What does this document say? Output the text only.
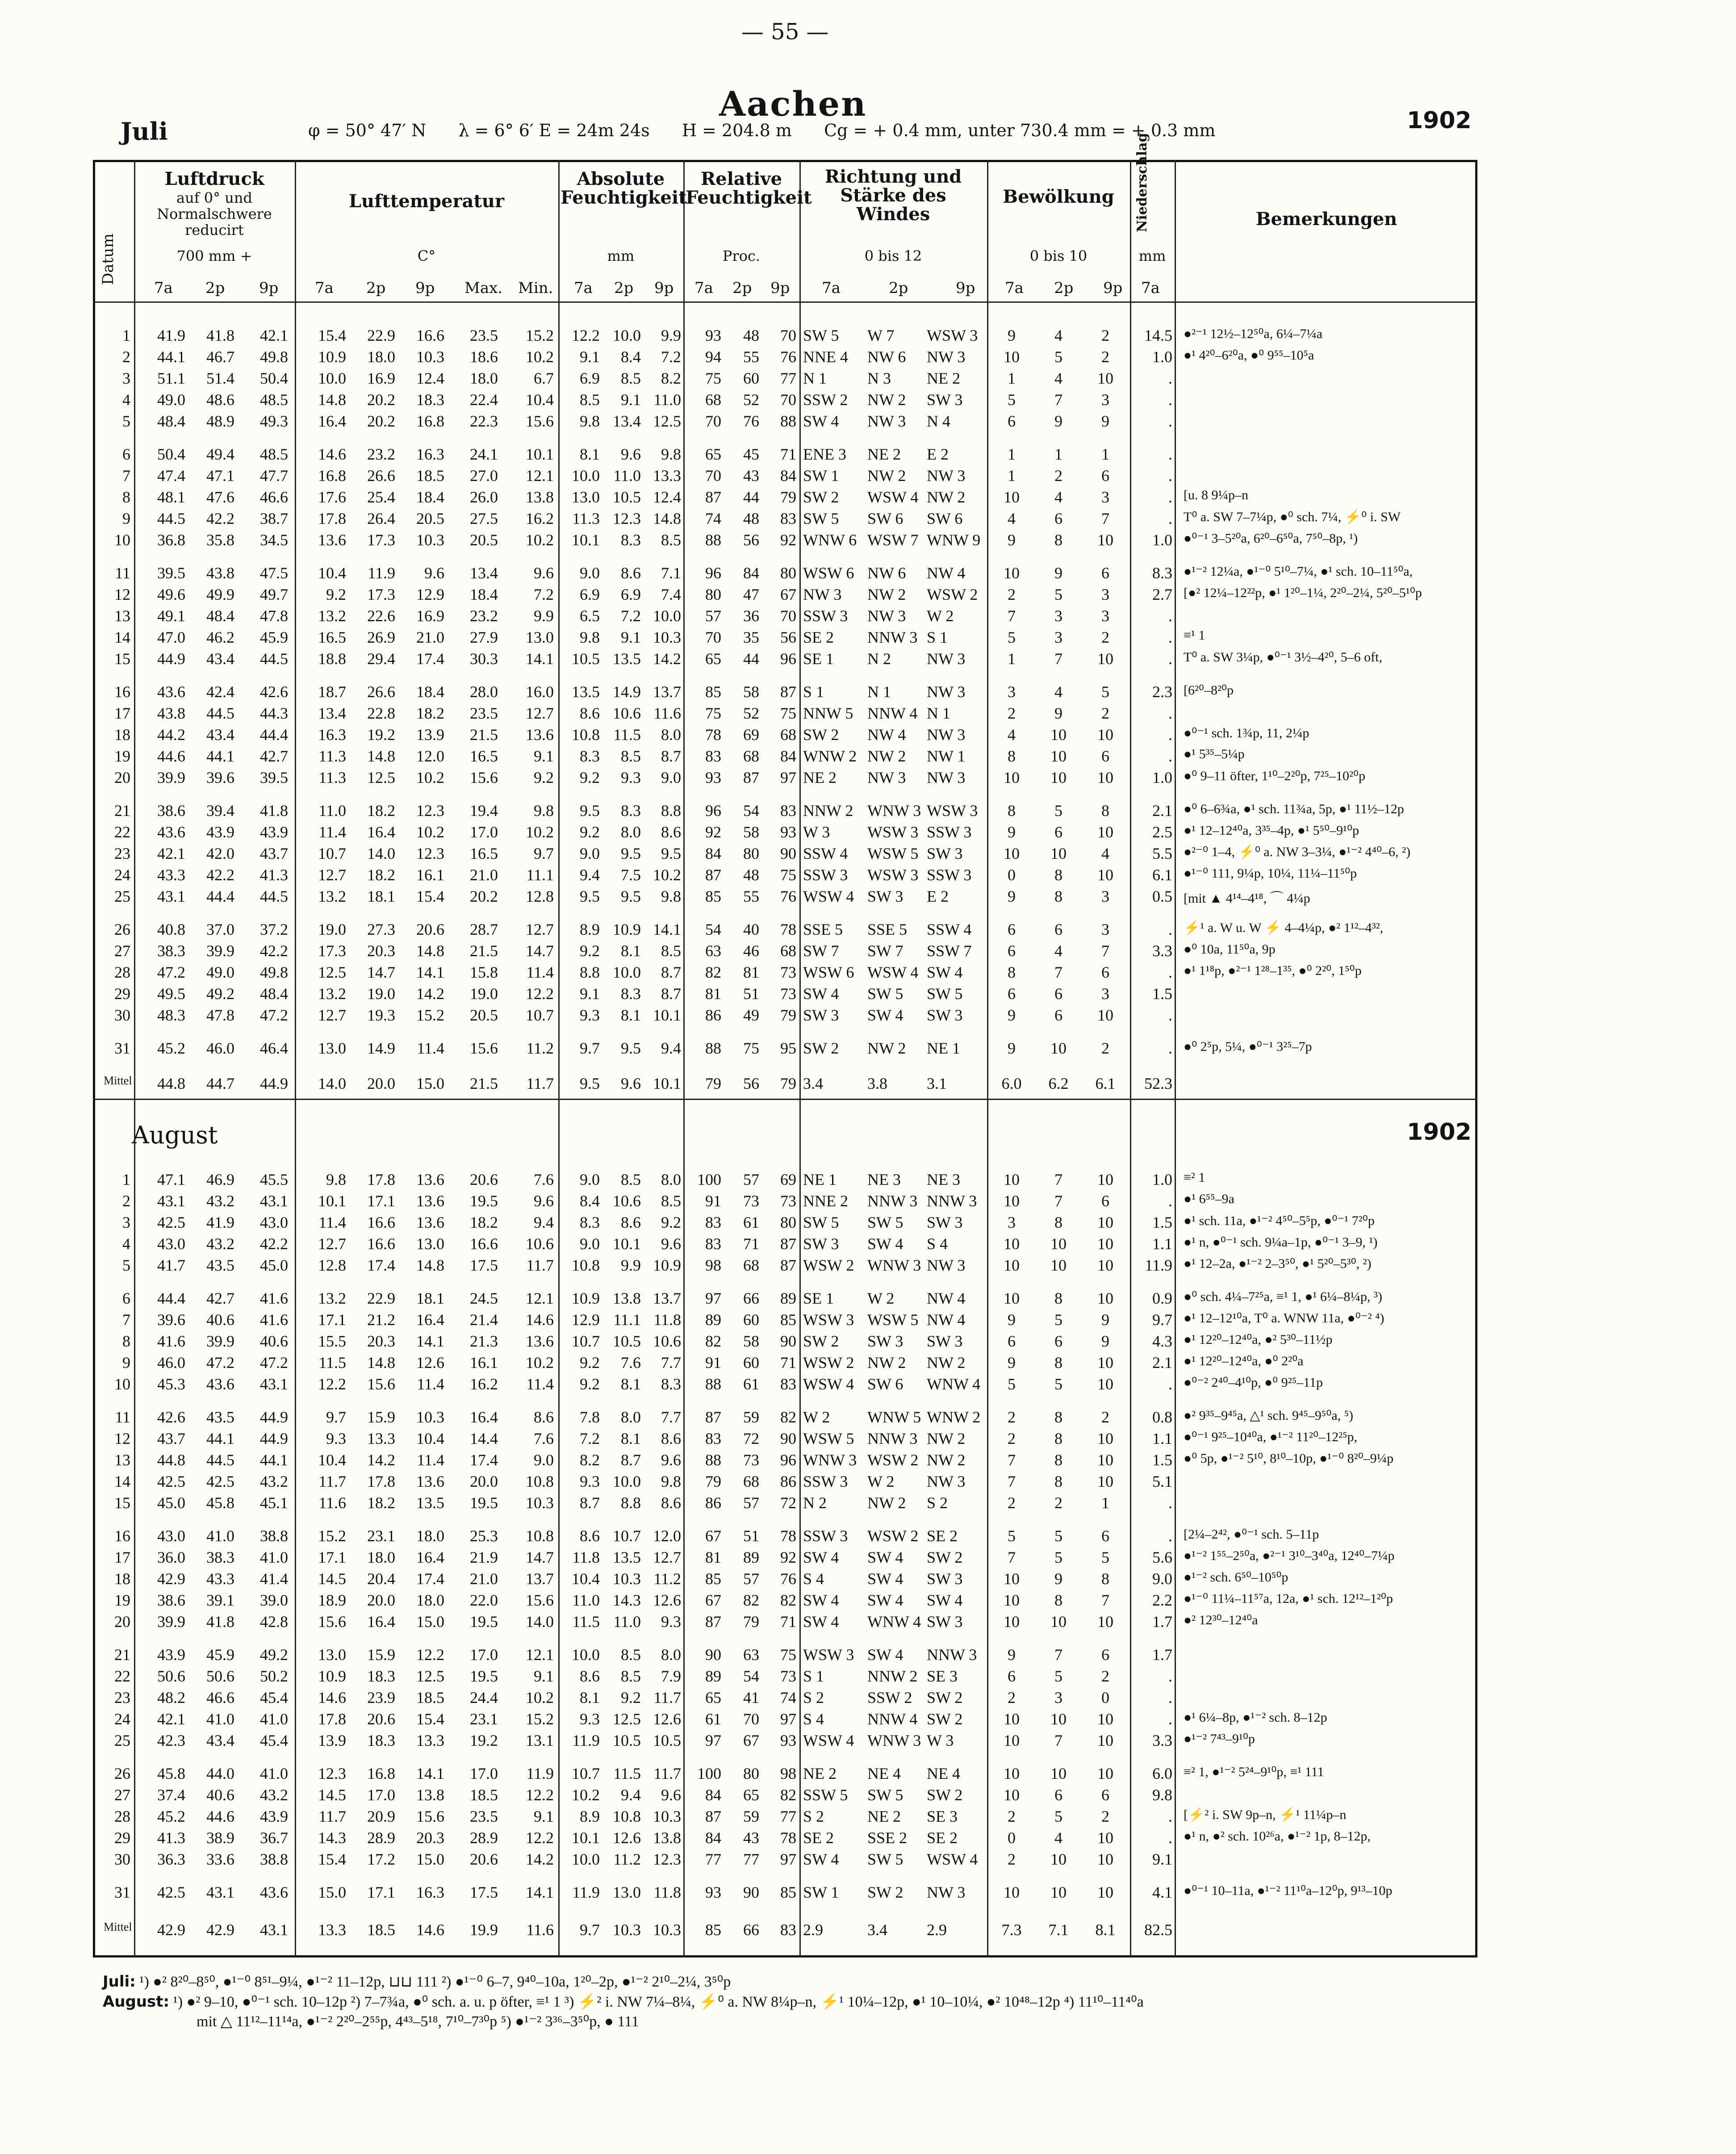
— 55 —
Aachen
Juli	φ = 50° 47′ N λ = 6° 6′ E = 24m 24s H = 204.8 m Cg = + 0.4 mm, unter 730.4 mm = + 0.3 mm	1902
Datum
Luftdruck
auf 0° und Normalschwere reducirt
700 mm +
Lufttemperatur
C°
Absolute Feuchtigkeit
mm
Relative Feuchtigkeit
Proc.
Richtung und Stärke des Windes
0 bis 12
Bewölkung
0 bis 10
Niederschlag
mm
Bemerkungen
7a 2p 9p 7a 2p 9p Max. Min. 7a 2p 9p 7a 2p 9p 7a	2p	9p 7a 2p 9p 7a
August	1902
1	41.9	41.8	42.1	15.4	22.9	16.6	23.5	15.2	12.2 10.0	9.9	93	48	70 SW 5	W 7	WSW 3	9	4	2	14.5 ●²⁻¹ 12½–12⁵⁰a, 6¼–7¼a
2	44.1	46.7	49.8	10.9	18.0	10.3	18.6	10.2	9.1	8.4	7.2	94	55	76 NNE 4	NW 6	NW 3	10	5	2	1.0 ●¹ 4²⁰–6²⁰a, ●⁰ 9⁵⁵–10⁵a
3	51.1	51.4	50.4	10.0	16.9	12.4	18.0	6.7	6.9	8.5	8.2	75	60	77 N 1	N 3	NE 2	1	4	10	.
4	49.0	48.6	48.5	14.8	20.2	18.3	22.4	10.4	8.5	9.1 11.0	68	52	70 SSW 2	NW 2	SW 3	5	7	3	.
5	48.4	48.9	49.3	16.4	20.2	16.8	22.3	15.6	9.8 13.4 12.5	70	76	88 SW 4	NW 3	N 4	6	9	9	.
6	50.4	49.4	48.5	14.6	23.2	16.3	24.1	10.1	8.1	9.6	9.8	65	45	71 ENE 3	NE 2	E 2	1	1	1	.
7	47.4	47.1	47.7	16.8	26.6	18.5	27.0	12.1	10.0 11.0 13.3	70	43	84 SW 1	NW 2	NW 3	1	2	6	.
8	48.1	47.6	46.6	17.6	25.4	18.4	26.0	13.8	13.0 10.5 12.4	87	44	79 SW 2	WSW 4 NW 2	10	4	3	. [u. 8 9¼p–n
9	44.5	42.2	38.7	17.8	26.4	20.5	27.5	16.2	11.3 12.3 14.8	74	48	83 SW 5	SW 6	SW 6	4	6	7	. T⁰ a. SW 7–7¼p, ●⁰ sch. 7¼, ⚡⁰ i. SW
10	36.8	35.8	34.5	13.6	17.3	10.3	20.5	10.2	10.1	8.3	8.5	88	56	92 WNW 6 WSW 7 WNW 9	9	8	10	1.0 ●⁰⁻¹ 3–5²⁰a, 6²⁰–6⁵⁰a, 7⁵⁰–8p, ¹)
11	39.5	43.8	47.5	10.4	11.9	9.6	13.4	9.6	9.0	8.6	7.1	96	84	80 WSW 6 NW 6	NW 4	10	9	6	8.3 ●¹⁻² 12¼a, ●¹⁻⁰ 5¹⁰–7¼, ●¹ sch. 10–11⁵⁰a,
12	49.6	49.9	49.7	9.2	17.3	12.9	18.4	7.2	6.9	6.9	7.4	80	47	67 NW 3	NW 2	WSW 2	2	5	3	2.7 [●² 12¼–12²²p, ●¹ 1²⁰–1¼, 2²⁰–2¼, 5²⁰–5¹⁰p
13	49.1	48.4	47.8	13.2	22.6	16.9	23.2	9.9	6.5	7.2 10.0	57	36	70 SSW 3	NW 3	W 2	7	3	3	.
14	47.0	46.2	45.9	16.5	26.9	21.0	27.9	13.0	9.8	9.1 10.3	70	35	56 SE 2	NNW 3 S 1	5	3	2	. ≡¹ 1
15	44.9	43.4	44.5	18.8	29.4	17.4	30.3	14.1	10.5 13.5 14.2	65	44	96 SE 1	N 2	NW 3	1	7	10	. T⁰ a. SW 3¼p, ●⁰⁻¹ 3½–4²⁰, 5–6 oft,
16	43.6	42.4	42.6	18.7	26.6	18.4	28.0	16.0	13.5 14.9 13.7	85	58	87 S 1	N 1	NW 3	3	4	5	2.3 [6²⁰–8²⁰p
17	43.8	44.5	44.3	13.4	22.8	18.2	23.5	12.7	8.6 10.6 11.6	75	52	75 NNW 5 NNW 4 N 1	2	9	2	.
18	44.2	43.4	44.4	16.3	19.2	13.9	21.5	13.6	10.8 11.5	8.0	78	69	68 SW 2	NW 4	NW 3	4	10	10	. ●⁰⁻¹ sch. 1¾p, 11, 2¼p
19	44.6	44.1	42.7	11.3	14.8	12.0	16.5	9.1	8.3	8.5	8.7	83	68	84 WNW 2 NW 2	NW 1	8	10	6	. ●¹ 5³⁵–5¼p
20	39.9	39.6	39.5	11.3	12.5	10.2	15.6	9.2	9.2	9.3	9.0	93	87	97 NE 2	NW 3	NW 3	10	10	10	1.0 ●⁰ 9–11 öfter, 1¹⁰–2²⁰p, 7²⁵–10²⁰p
21	38.6	39.4	41.8	11.0	18.2	12.3	19.4	9.8	9.5	8.3	8.8	96	54	83 NNW 2 WNW 3 WSW 3	8	5	8	2.1 ●⁰ 6–6¾a, ●¹ sch. 11¾a, 5p, ●¹ 11½–12p
22	43.6	43.9	43.9	11.4	16.4	10.2	17.0	10.2	9.2	8.0	8.6	92	58	93 W 3	WSW 3 SSW 3	9	6	10	2.5 ●¹ 12–12⁴⁰a, 3³⁵–4p, ●¹ 5⁵⁰–9¹⁰p
23	42.1	42.0	43.7	10.7	14.0	12.3	16.5	9.7	9.0	9.5	9.5	84	80	90 SSW 4	WSW 5 SW 3	10	10	4	5.5 ●²⁻⁰ 1–4, ⚡⁰ a. NW 3–3¼, ●¹⁻² 4⁴⁰–6, ²)
24	43.3	42.2	41.3	12.7	18.2	16.1	21.0	11.1	9.4	7.5 10.2	87	48	75 SSW 3	WSW 3 SSW 3	0	8	10	6.1 ●¹⁻⁰ 111, 9¼p, 10¼, 11¼–11⁵⁰p
25	43.1	44.4	44.5	13.2	18.1	15.4	20.2	12.8	9.5	9.5	9.8	85	55	76 WSW 4 SW 3	E 2	9	8	3	0.5 [mit ▲ 4¹⁴–4¹⁸, ⌒ 4¼p
26	40.8	37.0	37.2	19.0	27.3	20.6	28.7	12.7	8.9 10.9 14.1	54	40	78 SSE 5	SSE 5	SSW 4	6	6	3	. ⚡¹ a. W u. W ⚡ 4–4¼p, ●² 1¹²–4³²,
27	38.3	39.9	42.2	17.3	20.3	14.8	21.5	14.7	9.2	8.1	8.5	63	46	68 SW 7	SW 7	SSW 7	6	4	7	3.3 ●⁰ 10a, 11⁵⁰a, 9p
28	47.2	49.0	49.8	12.5	14.7	14.1	15.8	11.4	8.8 10.0	8.7	82	81	73 WSW 6 WSW 4 SW 4	8	7	6	. ●¹ 1¹⁸p, ●²⁻¹ 1²⁸–1³⁵, ●⁰ 2²⁰, 1⁵⁰p
29	49.5	49.2	48.4	13.2	19.0	14.2	19.0	12.2	9.1	8.3	8.7	81	51	73 SW 4	SW 5	SW 5	6	6	3	1.5
30	48.3	47.8	47.2	12.7	19.3	15.2	20.5	10.7	9.3	8.1 10.1	86	49	79 SW 3	SW 4	SW 3	9	6	10	.
31	45.2	46.0	46.4	13.0	14.9	11.4	15.6	11.2	9.7	9.5	9.4	88	75	95 SW 2	NW 2	NE 1	9	10	2	. ●⁰ 2⁵p, 5¼, ●⁰⁻¹ 3²⁵–7p
Mittel	44.8	44.7	44.9	14.0	20.0	15.0	21.5	11.7	9.5	9.6 10.1	79	56	79 3.4	3.8	3.1	6.0	6.2	6.1	52.3
1	47.1	46.9	45.5	9.8	17.8	13.6	20.6	7.6	9.0	8.5	8.0	100	57	69 NE 1	NE 3	NE 3	10	7	10	1.0 ≡² 1
2	43.1	43.2	43.1	10.1	17.1	13.6	19.5	9.6	8.4 10.6	8.5	91	73	73 NNE 2	NNW 3 NNW 3	10	7	6	. ●¹ 6⁵⁵–9a
3	42.5	41.9	43.0	11.4	16.6	13.6	18.2	9.4	8.3	8.6	9.2	83	61	80 SW 5	SW 5	SW 3	3	8	10	1.5 ●¹ sch. 11a, ●¹⁻² 4⁵⁰–5⁵p, ●⁰⁻¹ 7²⁰p
4	43.0	43.2	42.2	12.7	16.6	13.0	16.6	10.6	9.0 10.1	9.6	83	71	87 SW 3	SW 4	S 4	10	10	10	1.1 ●¹ n, ●⁰⁻¹ sch. 9¼a–1p, ●⁰⁻¹ 3–9, ¹)
5	41.7	43.5	45.0	12.8	17.4	14.8	17.5	11.7	10.8	9.9 10.9	98	68	87 WSW 2 WNW 3 NW 3	10	10	10	11.9 ●¹ 12–2a, ●¹⁻² 2–3⁵⁰, ●¹ 5²⁰–5³⁰, ²)
6	44.4	42.7	41.6	13.2	22.9	18.1	24.5	12.1	10.9 13.8 13.7	97	66	89 SE 1	W 2	NW 4	10	8	10	0.9 ●⁰ sch. 4¼–7²⁵a, ≡¹ 1, ●¹ 6¼–8¼p, ³)
7	39.6	40.6	41.6	17.1	21.2	16.4	21.4	14.6	12.9 11.1 11.8	89	60	85 WSW 3 WSW 5 NW 4	9	5	9	9.7 ●¹ 12–12¹⁰a, T⁰ a. WNW 11a, ●⁰⁻² ⁴)
8	41.6	39.9	40.6	15.5	20.3	14.1	21.3	13.6	10.7 10.5 10.6	82	58	90 SW 2	SW 3	SW 3	6	6	9	4.3 ●¹ 12²⁰–12⁴⁰a, ●² 5³⁰–11½p
9	46.0	47.2	47.2	11.5	14.8	12.6	16.1	10.2	9.2	7.6	7.7	91	60	71 WSW 2 NW 2	NW 2	9	8	10	2.1 ●¹ 12²⁰–12⁴⁰a, ●⁰ 2²⁰a
10	45.3	43.6	43.1	12.2	15.6	11.4	16.2	11.4	9.2	8.1	8.3	88	61	83 WSW 4 SW 6	WNW 4	5	5	10	. ●⁰⁻² 2⁴⁰–4¹⁰p, ●⁰ 9²⁵–11p
11	42.6	43.5	44.9	9.7	15.9	10.3	16.4	8.6	7.8	8.0	7.7	87	59	82 W 2	WNW 5 WNW 2	2	8	2	0.8 ●² 9³⁵–9⁴⁵a, △¹ sch. 9⁴⁵–9⁵⁰a, ⁵)
12	43.7	44.1	44.9	9.3	13.3	10.4	14.4	7.6	7.2	8.1	8.6	83	72	90 WSW 5 NNW 3 NW 2	2	8	10	1.1 ●⁰⁻¹ 9²⁵–10⁴⁰a, ●¹⁻² 11²⁰–12²⁵p,
13	44.8	44.5	44.1	10.4	14.2	11.4	17.4	9.0	8.2	8.7	9.6	88	73	96 WNW 3 WSW 2 NW 2	7	8	10	1.5 ●⁰ 5p, ●¹⁻² 5¹⁰, 8¹⁰–10p, ●¹⁻⁰ 8²⁰–9¼p
14	42.5	42.5	43.2	11.7	17.8	13.6	20.0	10.8	9.3 10.0	9.8	79	68	86 SSW 3	W 2	NW 3	7	8	10	5.1
15	45.0	45.8	45.1	11.6	18.2	13.5	19.5	10.3	8.7	8.8	8.6	86	57	72 N 2	NW 2	S 2	2	2	1	.
16	43.0	41.0	38.8	15.2	23.1	18.0	25.3	10.8	8.6 10.7 12.0	67	51	78 SSW 3	WSW 2 SE 2	5	5	6	. [2¼–2⁴², ●⁰⁻¹ sch. 5–11p
17	36.0	38.3	41.0	17.1	18.0	16.4	21.9	14.7	11.8 13.5 12.7	81	89	92 SW 4	SW 4	SW 2	7	5	5	5.6 ●¹⁻² 1⁵⁵–2⁵⁰a, ●²⁻¹ 3¹⁰–3⁴⁰a, 12⁴⁰–7¼p
18	42.9	43.3	41.4	14.5	20.4	17.4	21.0	13.7	10.4 10.3 11.2	85	57	76 S 4	SW 4	SW 3	10	9	8	9.0 ●¹⁻² sch. 6⁵⁰–10⁵⁰p
19	38.6	39.1	39.0	18.9	20.0	18.0	22.0	15.6	11.0 14.3 12.6	67	82	82 SW 4	SW 4	SW 4	10	8	7	2.2 ●¹⁻⁰ 11¼–11⁵⁷a, 12a, ●¹ sch. 12¹²–1²⁰p
20	39.9	41.8	42.8	15.6	16.4	15.0	19.5	14.0	11.5 11.0	9.3	87	79	71 SW 4	WNW 4 SW 3	10	10	10	1.7 ●² 12³⁰–12⁴⁰a
21	43.9	45.9	49.2	13.0	15.9	12.2	17.0	12.1	10.0	8.5	8.0	90	63	75 WSW 3 SW 4	NNW 3	9	7	6	1.7
22	50.6	50.6	50.2	10.9	18.3	12.5	19.5	9.1	8.6	8.5	7.9	89	54	73 S 1	NNW 2 SE 3	6	5	2	.
23	48.2	46.6	45.4	14.6	23.9	18.5	24.4	10.2	8.1	9.2 11.7	65	41	74 S 2	SSW 2 SW 2	2	3	0	.
24	42.1	41.0	41.0	17.8	20.6	15.4	23.1	15.2	9.3 12.5 12.6	61	70	97 S 4	NNW 4 SW 2	10	10	10	. ●¹ 6¼–8p, ●¹⁻² sch. 8–12p
25	42.3	43.4	45.4	13.9	18.3	13.3	19.2	13.1	11.9 10.5 10.5	97	67	93 WSW 4 WNW 3 W 3	10	7	10	3.3 ●¹⁻² 7⁴³–9¹⁰p
26	45.8	44.0	41.0	12.3	16.8	14.1	17.0	11.9	10.7 11.5 11.7	100	80	98 NE 2	NE 4	NE 4	10	10	10	6.0 ≡² 1, ●¹⁻² 5²⁴–9¹⁰p, ≡¹ 111
27	37.4	40.6	43.2	14.5	17.0	13.8	18.5	12.2	10.2	9.4	9.6	84	65	82 SSW 5	SW 5	SW 2	10	6	6	9.8
28	45.2	44.6	43.9	11.7	20.9	15.6	23.5	9.1	8.9 10.8 10.3	87	59	77 S 2	NE 2	SE 3	2	5	2	. [⚡² i. SW 9p–n, ⚡¹ 11¼p–n
29	41.3	38.9	36.7	14.3	28.9	20.3	28.9	12.2	10.1 12.6 13.8	84	43	78 SE 2	SSE 2	SE 2	0	4	10	. ●¹ n, ●² sch. 10²⁶a, ●¹⁻² 1p, 8–12p,
30	36.3	33.6	38.8	15.4	17.2	15.0	20.6	14.2	10.0 11.2 12.3	77	77	97 SW 4	SW 5	WSW 4	2	10	10	9.1
31	42.5	43.1	43.6	15.0	17.1	16.3	17.5	14.1	11.9 13.0 11.8	93	90	85 SW 1	SW 2	NW 3	10	10	10	4.1 ●⁰⁻¹ 10–11a, ●¹⁻² 11¹⁰a–12⁰p, 9¹³–10p
Mittel	42.9	42.9	43.1	13.3	18.5	14.6	19.9	11.6	9.7 10.3 10.3	85	66	83 2.9	3.4	2.9	7.3	7.1	8.1	82.5
Juli: ¹) ●² 8²⁰–8⁵⁰, ●¹⁻⁰ 8⁵¹–9¼, ●¹⁻² 11–12p, ⊔⊔ 111 ²) ●¹⁻⁰ 6–7, 9⁴⁰–10a, 1²⁰–2p, ●¹⁻² 2¹⁰–2¼, 3⁵⁰p
August: ¹) ●² 9–10, ●⁰⁻¹ sch. 10–12p ²) 7–7¾a, ●⁰ sch. a. u. p öfter, ≡¹ 1 ³) ⚡² i. NW 7¼–8¼, ⚡⁰ a. NW 8¼p–n, ⚡¹ 10¼–12p, ●¹ 10–10¼, ●² 10⁴⁸–12p ⁴) 11¹⁰–11⁴⁰a
mit △ 11¹²–11¹⁴a, ●¹⁻² 2²⁰–2⁵⁵p, 4⁴³–5¹⁸, 7¹⁰–7³⁰p ⁵) ●¹⁻² 3³⁶–3⁵⁰p, ● 111
